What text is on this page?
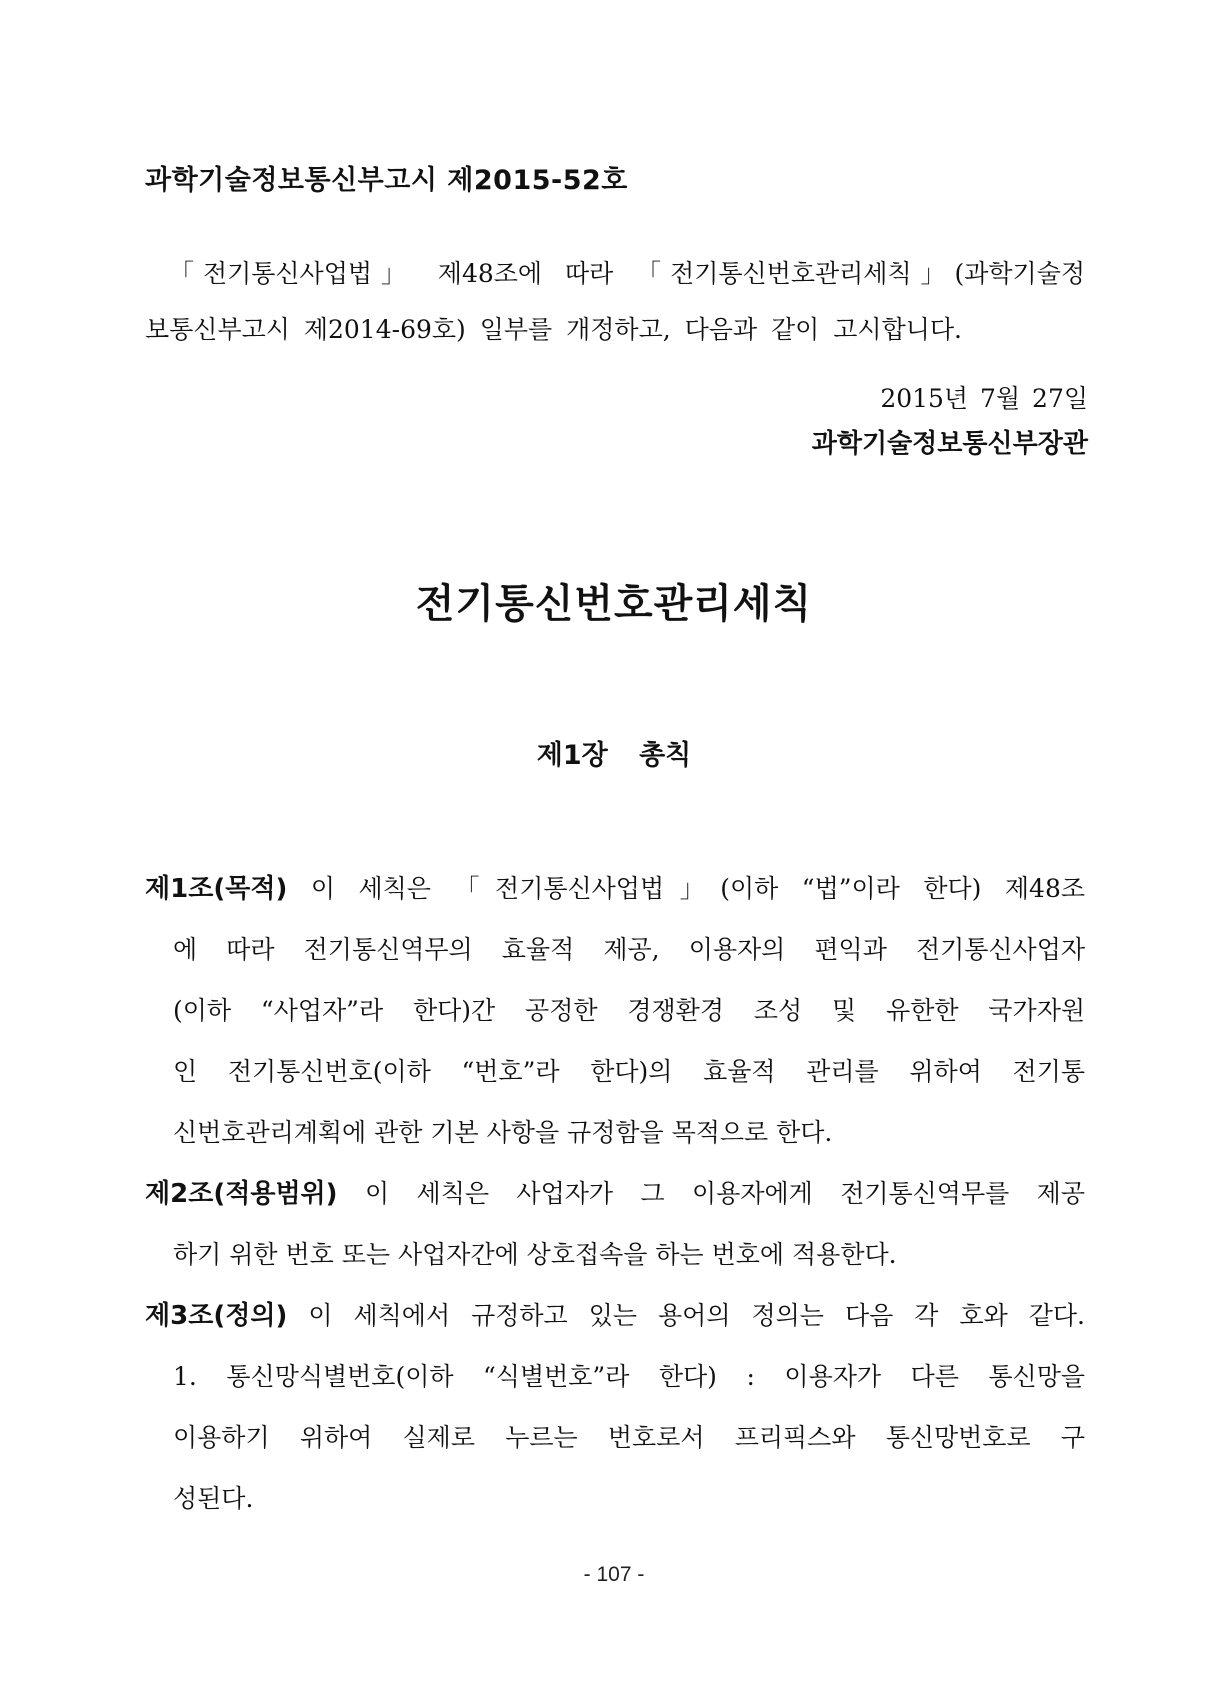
과학기술정보통신부고시 제2015-52호
「전기통신사업법」 제48조에 따라 「전기통신번호관리세칙」(과학기술정
보통신부고시 제2014-69호) 일부를 개정하고, 다음과 같이 고시합니다.
2015년 7월 27일
과학기술정보통신부장관
전기통신번호관리세칙
제1장 총칙
제1조(목적) 이 세칙은 「전기통신사업법」(이하 “법”이라 한다) 제48조
에 따라 전기통신역무의 효율적 제공, 이용자의 편익과 전기통신사업자
(이하 “사업자”라 한다)간 공정한 경쟁환경 조성 및 유한한 국가자원
인 전기통신번호(이하 “번호”라 한다)의 효율적 관리를 위하여 전기통
신번호관리계획에 관한 기본 사항을 규정함을 목적으로 한다.
제2조(적용범위) 이 세칙은 사업자가 그 이용자에게 전기통신역무를 제공
하기 위한 번호 또는 사업자간에 상호접속을 하는 번호에 적용한다.
제3조(정의) 이 세칙에서 규정하고 있는 용어의 정의는 다음 각 호와 같다.
1. 통신망식별번호(이하 “식별번호”라 한다) : 이용자가 다른 통신망을
이용하기 위하여 실제로 누르는 번호로서 프리픽스와 통신망번호로 구
성된다.
- 107 -
